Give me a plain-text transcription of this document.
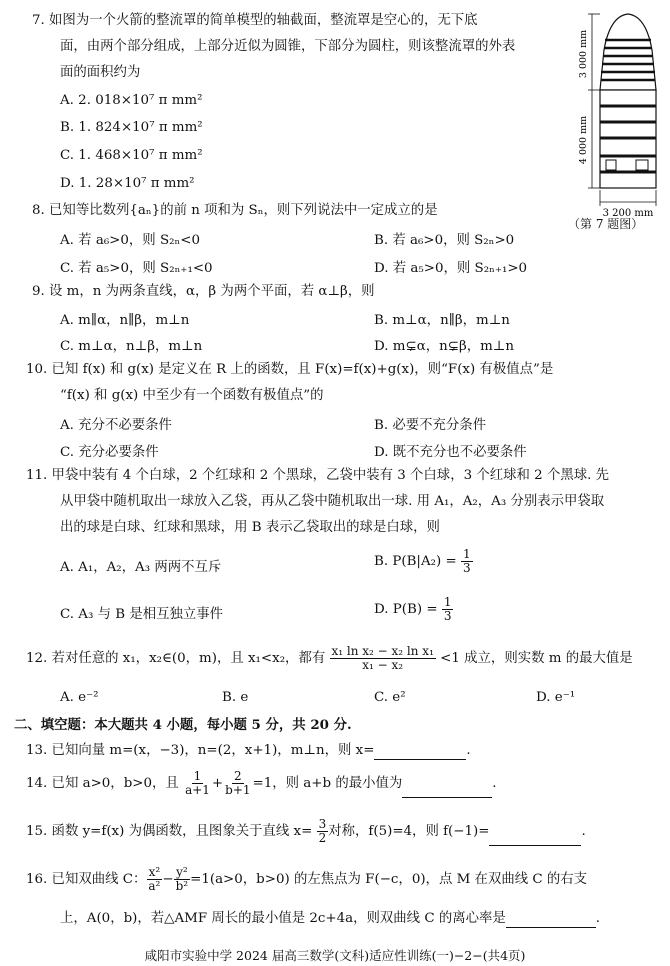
3 000 mm
4 000 mm
3 200 mm
（第 7 题图）
7. 如图为一个火箭的整流罩的简单模型的轴截面，整流罩是空心的，无下底
面，由两个部分组成，上部分近似为圆锥，下部分为圆柱，则该整流罩的外表
面的面积约为
A. 2. 018×10⁷ π mm²
B. 1. 824×10⁷ π mm²
C. 1. 468×10⁷ π mm²
D. 1. 28×10⁷ π mm²
8. 已知等比数列{aₙ}的前 n 项和为 Sₙ，则下列说法中一定成立的是
A. 若 a₆>0，则 S₂ₙ<0	B. 若 a₆>0，则 S₂ₙ>0
C. 若 a₅>0，则 S₂ₙ₊₁<0	D. 若 a₅>0，则 S₂ₙ₊₁>0
9. 设 m，n 为两条直线，α，β 为两个平面，若 α⊥β，则
A. m∥α，n∥β，m⊥n	B. m⊥α，n∥β，m⊥n
C. m⊥α，n⊥β，m⊥n	D. m⊊α，n⊊β，m⊥n
10. 已知 f(x) 和 g(x) 是定义在 R 上的函数，且 F(x)=f(x)+g(x)，则“F(x) 有极值点”是
“f(x) 和 g(x) 中至少有一个函数有极值点”的
A. 充分不必要条件	B. 必要不充分条件
C. 充分必要条件	D. 既不充分也不必要条件
11. 甲袋中装有 4 个白球，2 个红球和 2 个黑球，乙袋中装有 3 个白球，3 个红球和 2 个黑球. 先
从甲袋中随机取出一球放入乙袋，再从乙袋中随机取出一球. 用 A₁，A₂，A₃ 分别表示甲袋取
出的球是白球、红球和黑球，用 B 表示乙袋取出的球是白球，则
A. A₁，A₂，A₃ 两两不互斥	B. $P(B|A_2) = \frac{1}{3}$
C. A₃ 与 B 是相互独立事件	D. $P(B) = \frac{1}{3}$
12. 若对任意的 x₁，x₂∈(0，m)，且 x₁<x₂，都有 $\frac{\text{x₁ ln x₂ − x₂ ln x₁}}{\text{x₁ − x₂}} <1$ 成立，则实数 m 的最大值是
A. e⁻²	B. e	C. e²	D. e⁻¹
二、填空题：本大题共 4 小题，每小题 5 分，共 20 分.
13. 已知向量 m=(x，−3)，n=(2，x+1)，m⊥n，则 x=	.
14. 已知 a>0，b>0，且 $\frac{1}{a+1} + \frac{2}{b+1} =1$，则 a+b 的最小值为	.
15. 函数 y=f(x) 为偶函数，且图象关于直线 $x= \frac{3}{2}$ 对称，f(5)=4，则 f(−1)=	.
16. 已知双曲线 C： $\frac{\text{x²}}{\text{a²}} - \frac{\text{y²}}{\text{b²}} =1(a>0$，b>0) 的左焦点为 F(−c，0)，点 M 在双曲线 C 的右支
上，A(0，b)，若△AMF 周长的最小值是 2c+4a，则双曲线 C 的离心率是	.
咸阳市实验中学 2024 届高三数学(文科)适应性训练(一)−2−(共4页)
